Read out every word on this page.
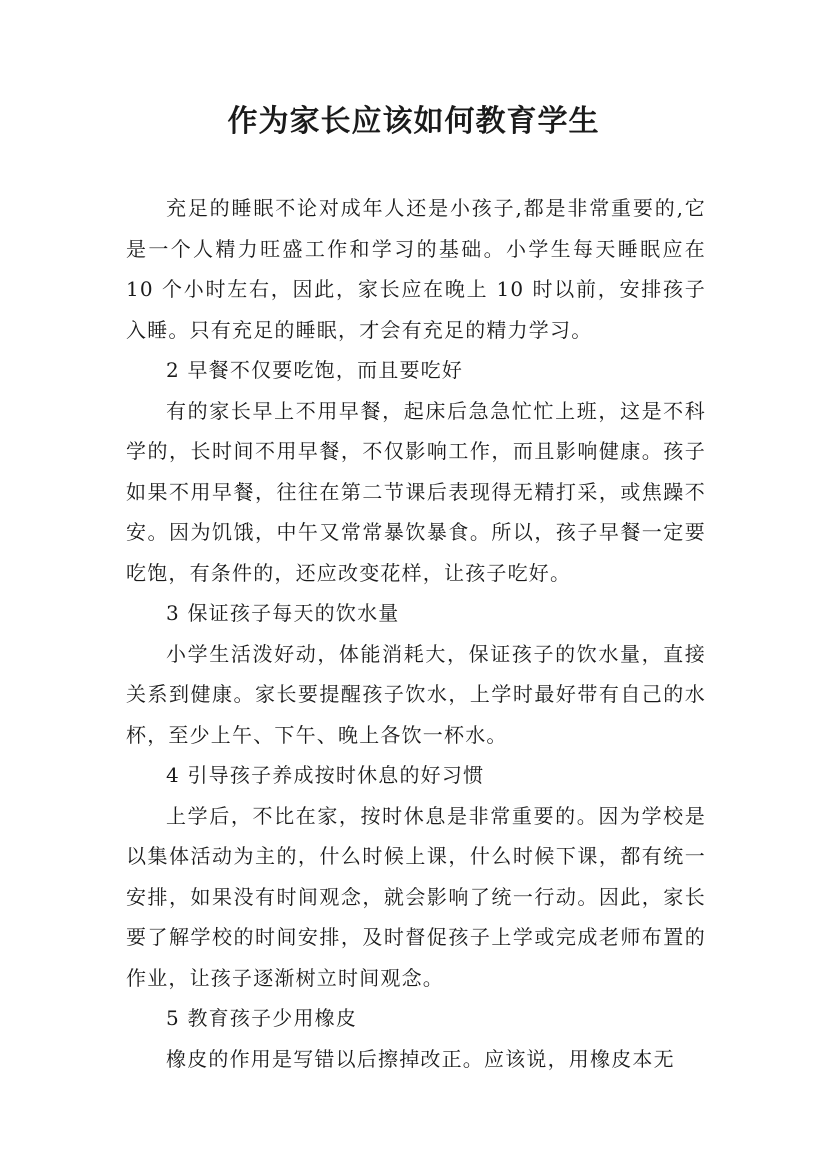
作为家长应该如何教育学生

充足的睡眠不论对成年人还是小孩子,都是非常重要的,它是一个人精力旺盛工作和学习的基础。小学生每天睡眠应在 10 个小时左右，因此，家长应在晚上 10 时以前，安排孩子入睡。只有充足的睡眠，才会有充足的精力学习。

2 早餐不仅要吃饱，而且要吃好

有的家长早上不用早餐，起床后急急忙忙上班，这是不科学的，长时间不用早餐，不仅影响工作，而且影响健康。孩子如果不用早餐，往往在第二节课后表现得无精打采，或焦躁不安。因为饥饿，中午又常常暴饮暴食。所以，孩子早餐一定要吃饱，有条件的，还应改变花样，让孩子吃好。

3 保证孩子每天的饮水量

小学生活泼好动，体能消耗大，保证孩子的饮水量，直接关系到健康。家长要提醒孩子饮水，上学时最好带有自己的水杯，至少上午、下午、晚上各饮一杯水。

4 引导孩子养成按时休息的好习惯

上学后，不比在家，按时休息是非常重要的。因为学校是以集体活动为主的，什么时候上课，什么时候下课，都有统一安排，如果没有时间观念，就会影响了统一行动。因此，家长要了解学校的时间安排，及时督促孩子上学或完成老师布置的作业，让孩子逐渐树立时间观念。

5 教育孩子少用橡皮

橡皮的作用是写错以后擦掉改正。应该说，用橡皮本无
